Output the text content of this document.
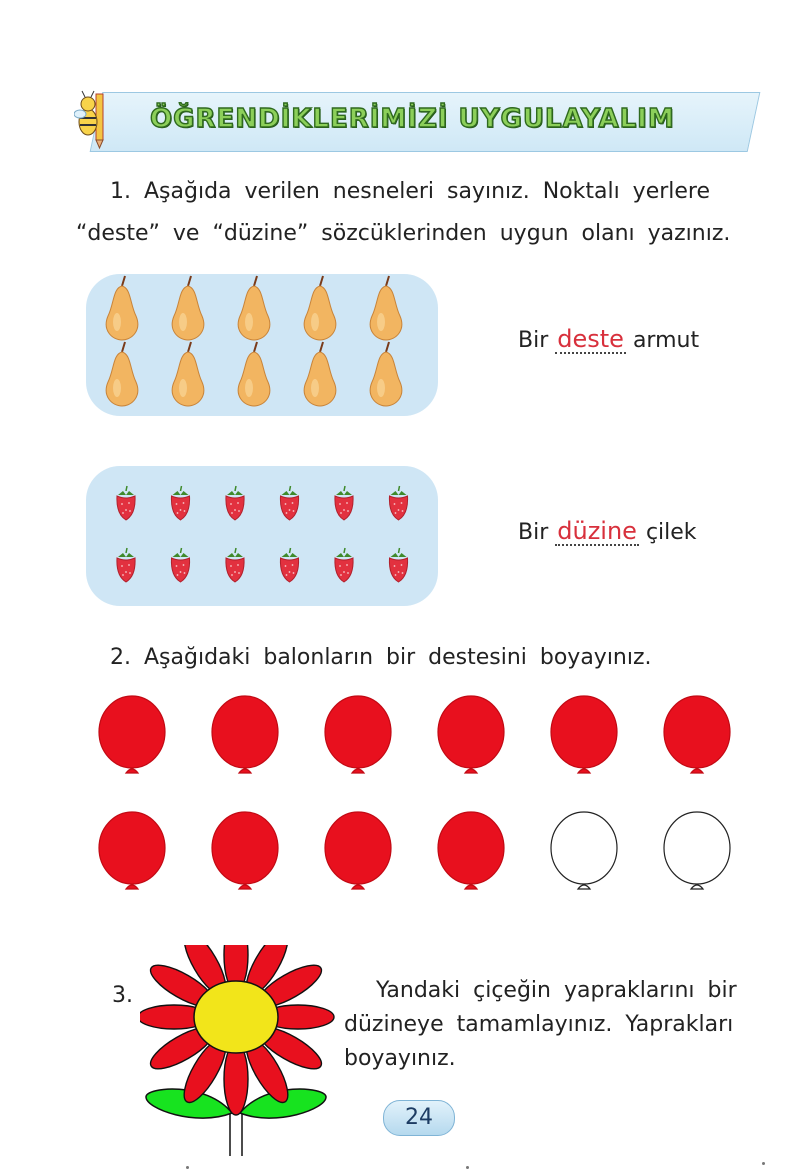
ÖĞRENDİKLERİMİZİ UYGULAYALIM
1. Aşağıda verilen nesneleri sayınız. Noktalı yerlere
“deste” ve “düzine” sözcüklerinden uygun olanı yazınız.
Bir deste armut
Bir düzine çilek
2. Aşağıdaki balonların bir destesini boyayınız.
3.	Yandaki çiçeğin yapraklarını bir
düzineye tamamlayınız. Yaprakları
boyayınız.
24
